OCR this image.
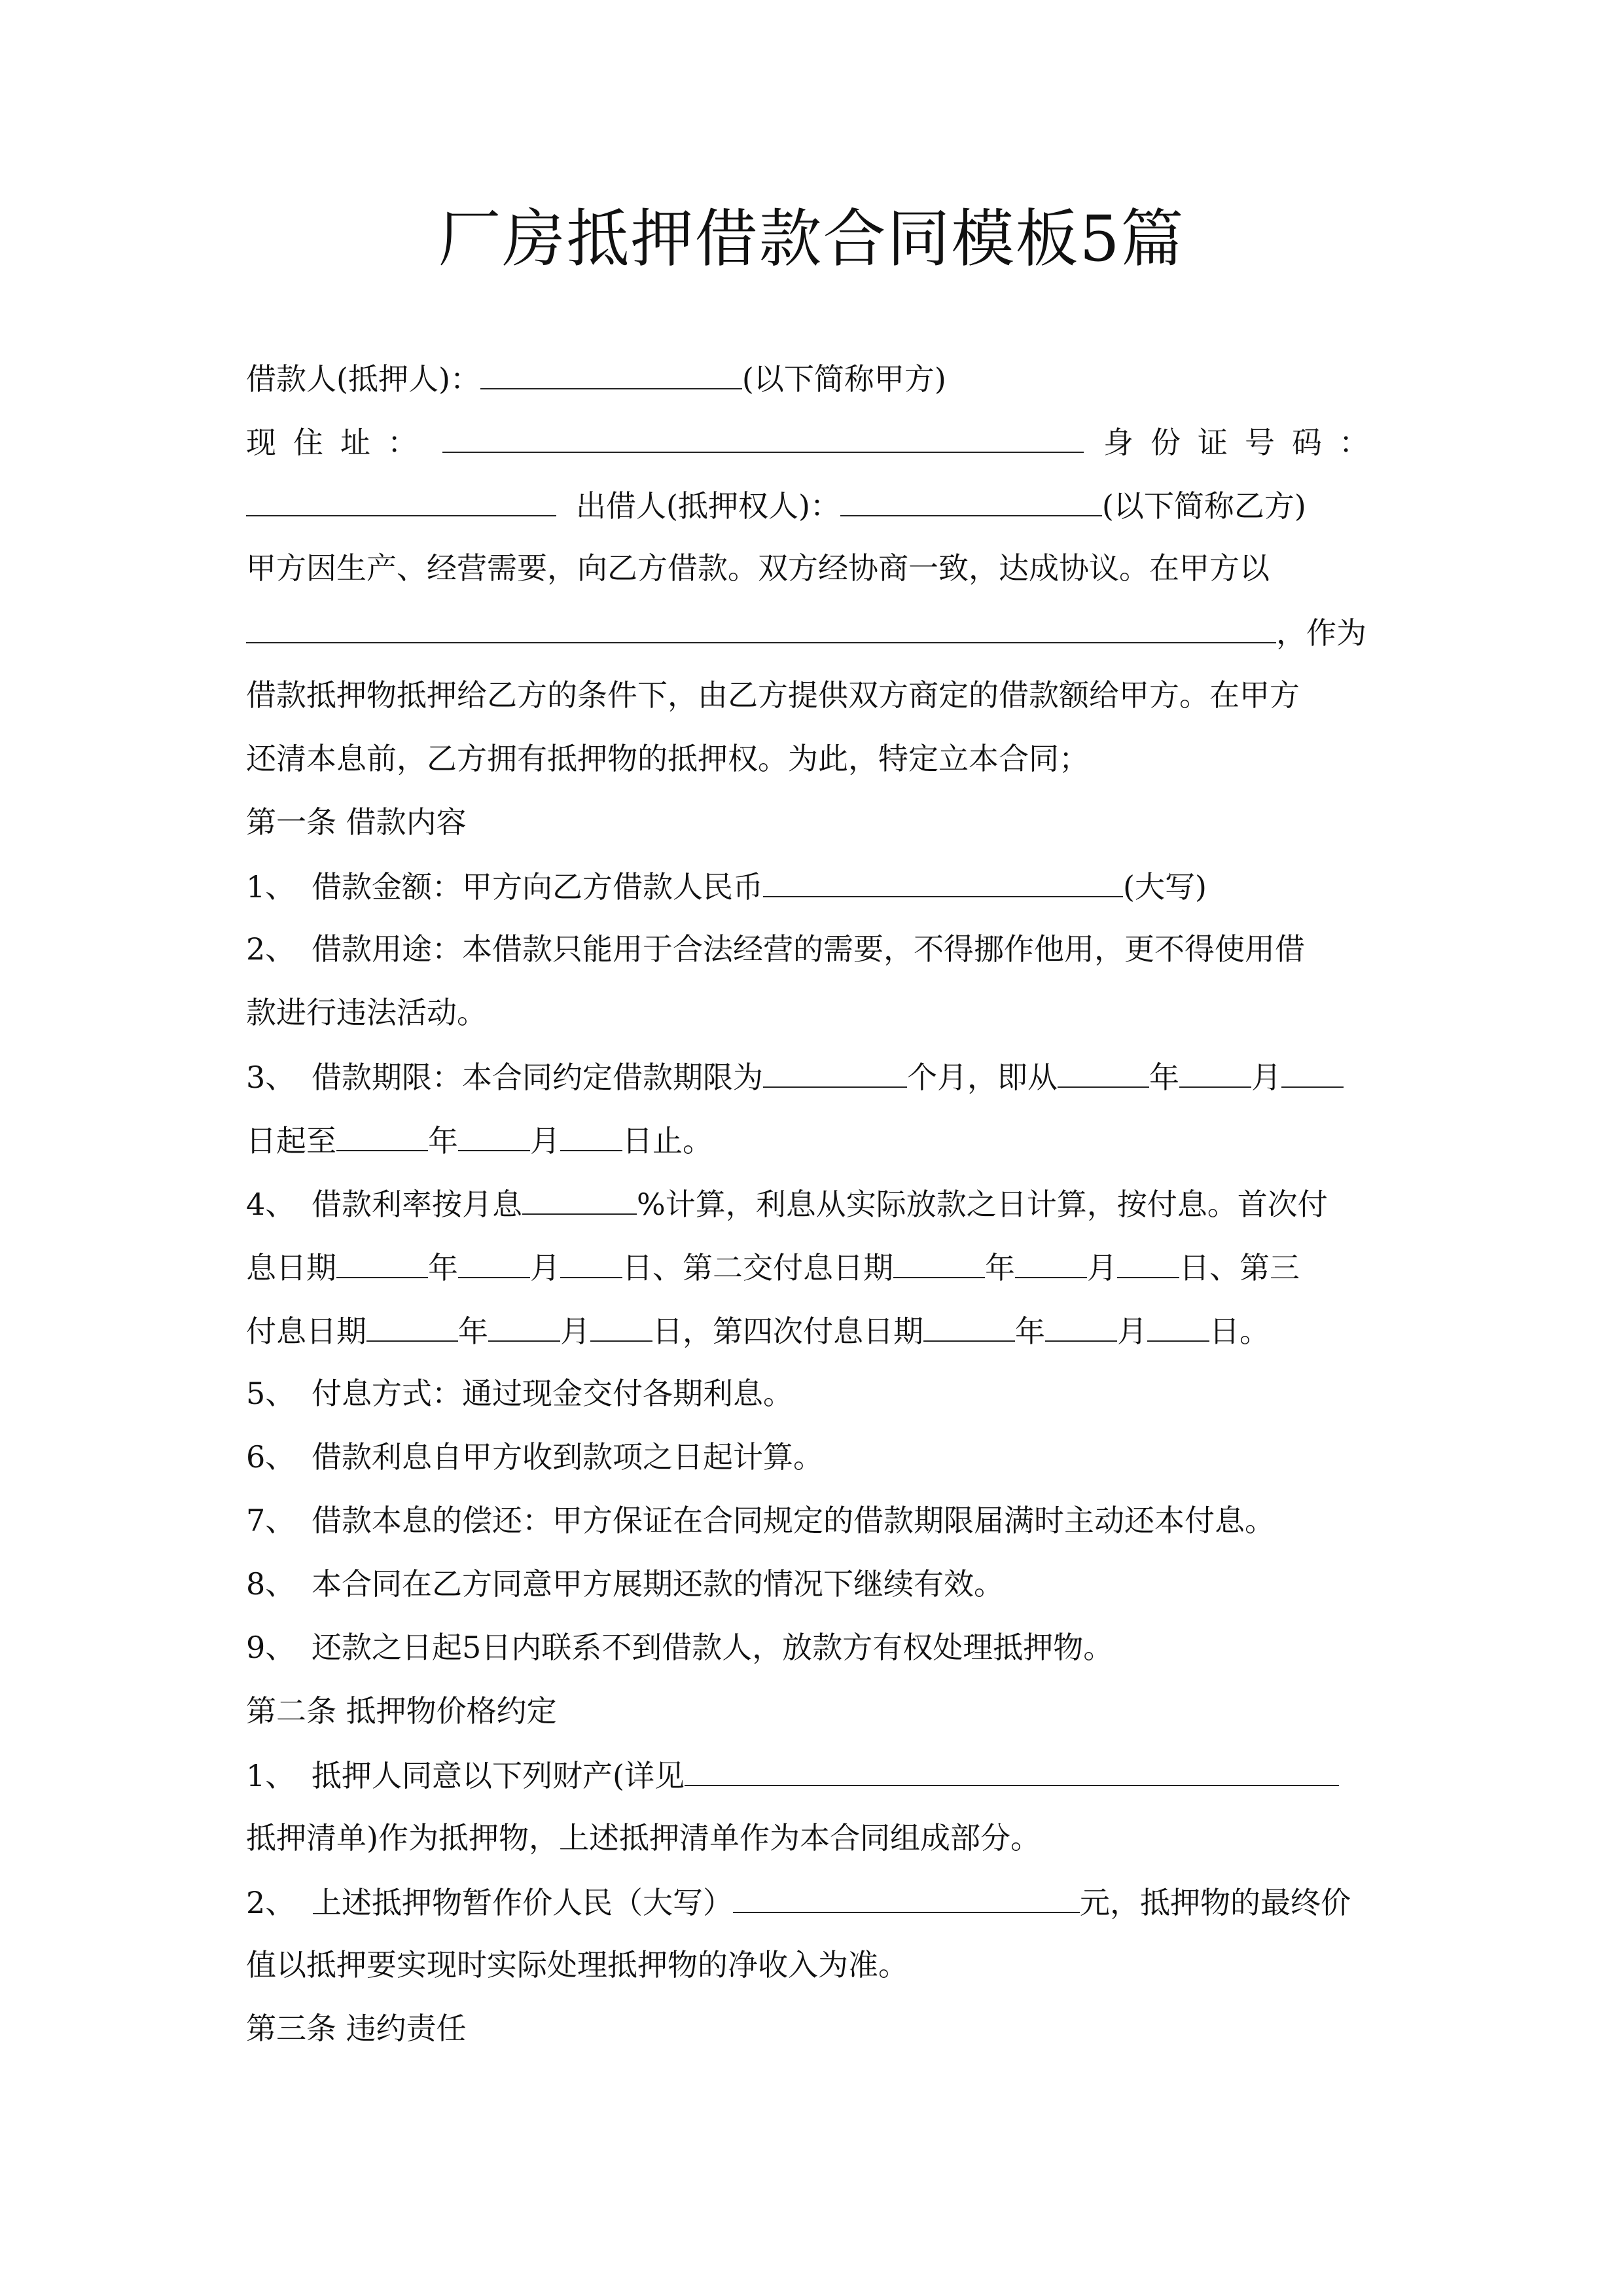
厂房抵押借款合同模板5篇
借款人(抵押人)：	(以下简称甲方)
现住址：	身份证号码：
出借人(抵押权人)：	(以下简称乙方)
甲方因生产、经营需要，向乙方借款。双方经协商一致，达成协议。在甲方以
，作为
借款抵押物抵押给乙方的条件下，由乙方提供双方商定的借款额给甲方。在甲方
还清本息前，乙方拥有抵押物的抵押权。为此，特定立本合同；
第一条 借款内容
1、 借款金额：甲方向乙方借款人民币	(大写)
2、 借款用途：本借款只能用于合法经营的需要，不得挪作他用，更不得使用借
款进行违法活动。
3、 借款期限：本合同约定借款期限为	个月，即从	年 月
日起至	年 月 日止。
4、 借款利率按月息	%计算，利息从实际放款之日计算，按付息。首次付
息日期	年 月 日、第二交付息日期	年 月 日、第三
付息日期	年 月 日，第四次付息日期	年 月 日。
5、 付息方式：通过现金交付各期利息。
6、 借款利息自甲方收到款项之日起计算。
7、 借款本息的偿还：甲方保证在合同规定的借款期限届满时主动还本付息。
8、 本合同在乙方同意甲方展期还款的情况下继续有效。
9、 还款之日起5日内联系不到借款人，放款方有权处理抵押物。
第二条 抵押物价格约定
1、 抵押人同意以下列财产(详见
抵押清单)作为抵押物，上述抵押清单作为本合同组成部分。
2、 上述抵押物暂作价人民（大写）	元，抵押物的最终价
值以抵押要实现时实际处理抵押物的净收入为准。
第三条 违约责任
